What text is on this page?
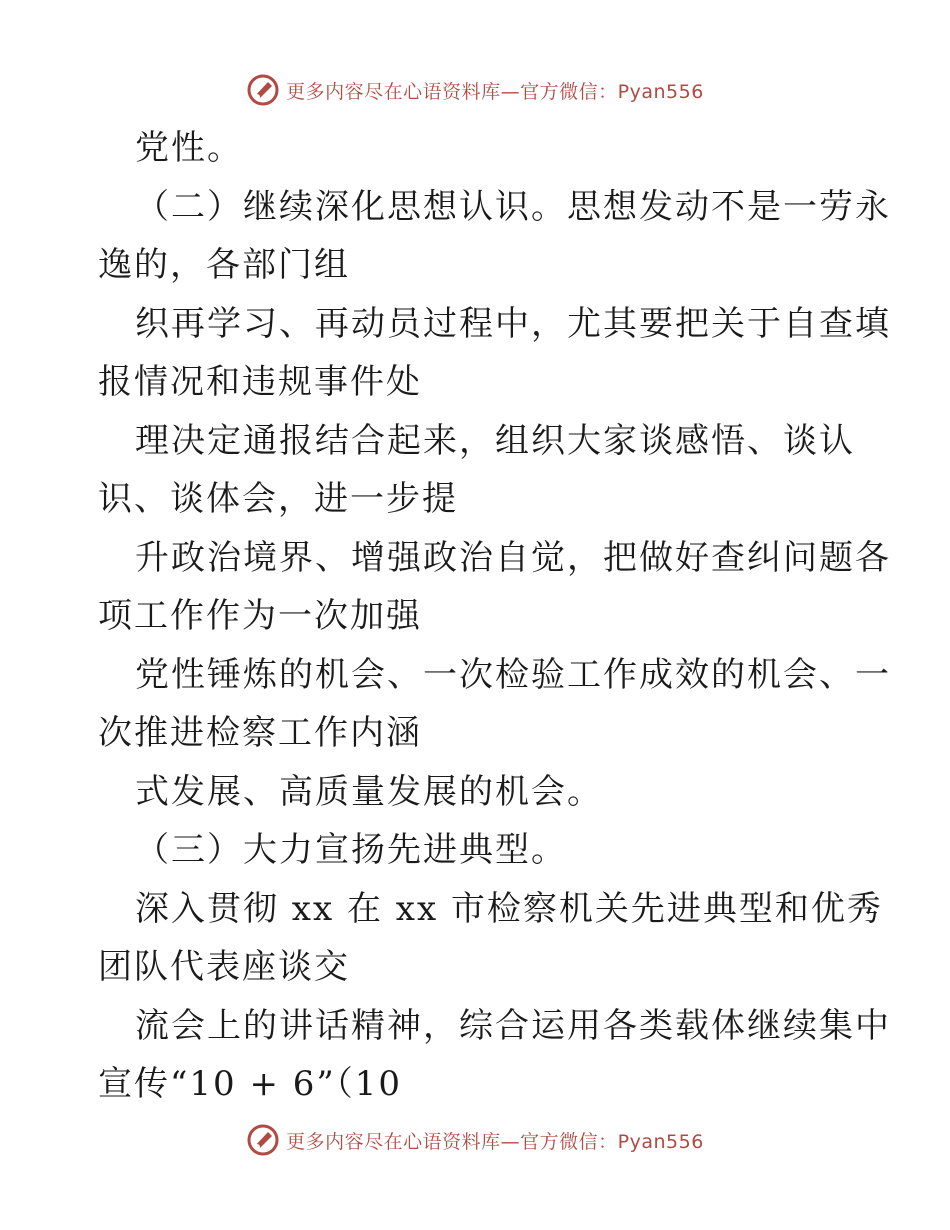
更多内容尽在心语资料库—官方微信：Pyan556
党性。
（二）继续深化思想认识。思想发动不是一劳永
逸的，各部门组
织再学习、再动员过程中，尤其要把关于自查填
报情况和违规事件处
理决定通报结合起来，组织大家谈感悟、谈认
识、谈体会，进一步提
升政治境界、增强政治自觉，把做好查纠问题各
项工作作为一次加强
党性锤炼的机会、一次检验工作成效的机会、一
次推进检察工作内涵
式发展、高质量发展的机会。
（三）大力宣扬先进典型。
深入贯彻 xx 在 xx 市检察机关先进典型和优秀
团队代表座谈交
流会上的讲话精神，综合运用各类载体继续集中
宣传“10 + 6”（10
更多内容尽在心语资料库—官方微信：Pyan556
